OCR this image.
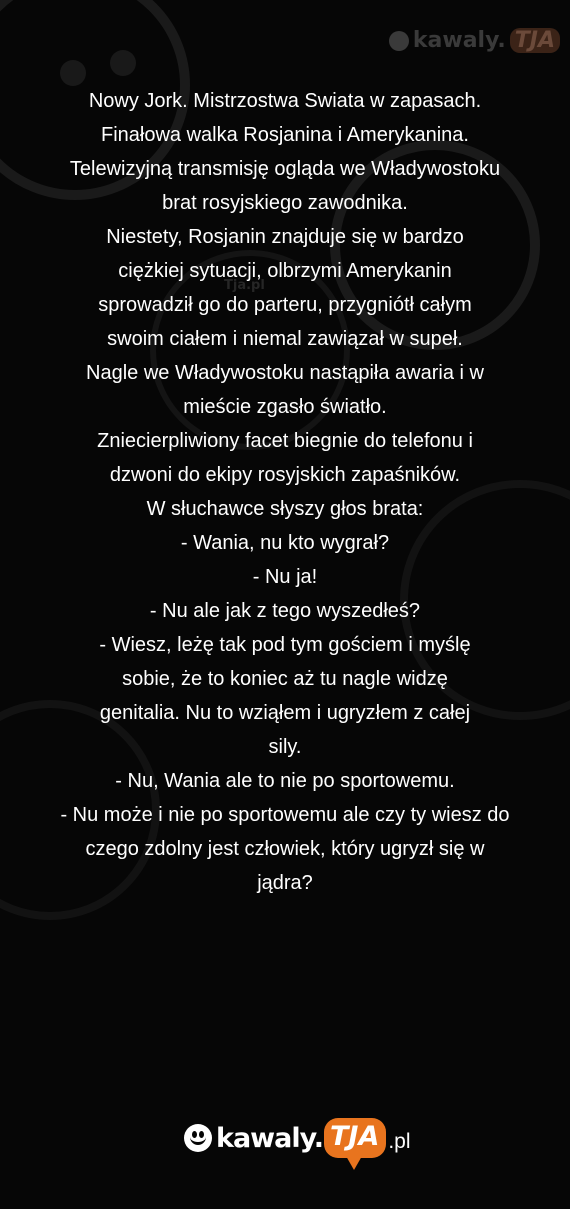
Tja.pl
kawaly. TJA
Nowy Jork. Mistrzostwa Swiata w zapasach.
Finałowa walka Rosjanina i Amerykanina.
Telewizyjną transmisję ogląda we Władywostoku
brat rosyjskiego zawodnika.
Niestety, Rosjanin znajduje się w bardzo
ciężkiej sytuacji, olbrzymi Amerykanin
sprowadził go do parteru, przygniótł całym
swoim ciałem i niemal zawiązał w supeł.
Nagle we Władywostoku nastąpiła awaria i w
mieście zgasło światło.
Zniecierpliwiony facet biegnie do telefonu i
dzwoni do ekipy rosyjskich zapaśników.
W słuchawce słyszy głos brata:
- Wania, nu kto wygrał?
- Nu ja!
- Nu ale jak z tego wyszedłeś?
- Wiesz, leżę tak pod tym gościem i myślę
sobie, że to koniec aż tu nagle widzę
genitalia. Nu to wziąłem i ugryzłem z całej
sily.
- Nu, Wania ale to nie po sportowemu.
- Nu może i nie po sportowemu ale czy ty wiesz do
czego zdolny jest człowiek, który ugryzł się w
jądra?
kawaly. TJA .pl
